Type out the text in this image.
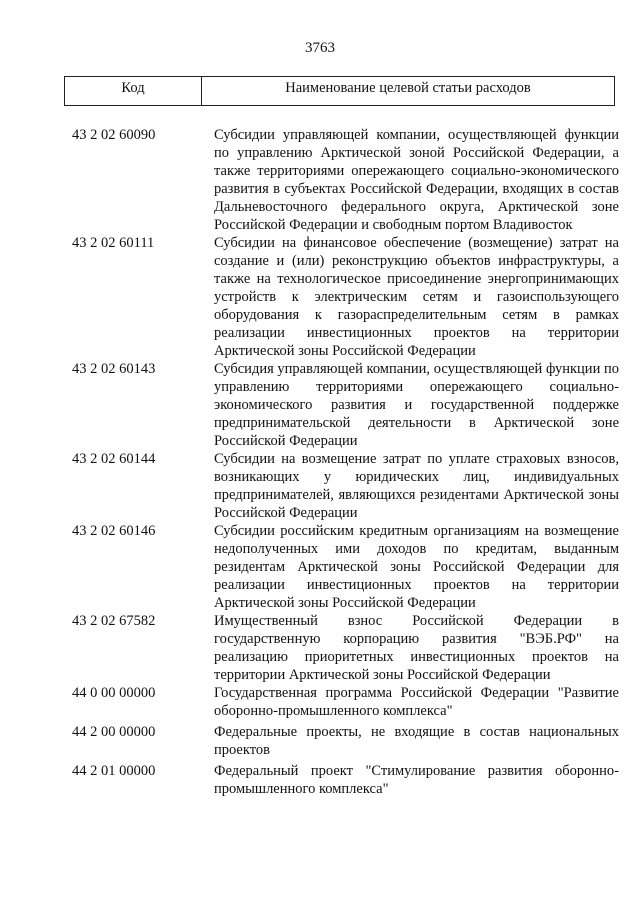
3763
Код	Наименование целевой статьи расходов
43 2 02 60090	Субсидии управляющей компании, осуществляющей функции по управлению Арктической зоной Российской Федерации, а также территориями опережающего социально-экономического развития в субъектах Российской Федерации, входящих в состав Дальневосточного федерального округа, Арктической зоне Российской Федерации и свободным портом Владивосток
43 2 02 60111	Субсидии на финансовое обеспечение (возмещение) затрат на создание и (или) реконструкцию объектов инфраструктуры, а также на технологическое присоединение энергопринимающих устройств к электрическим сетям и газоиспользующего оборудования к газораспределительным сетям в рамках реализации инвестиционных проектов на территории Арктической зоны Российской Федерации
43 2 02 60143	Субсидия управляющей компании, осуществляющей функции по управлению территориями опережающего социально-экономического развития и государственной поддержке предпринимательской деятельности в Арктической зоне Российской Федерации
43 2 02 60144	Субсидии на возмещение затрат по уплате страховых взносов, возникающих у юридических лиц, индивидуальных предпринимателей, являющихся резидентами Арктической зоны Российской Федерации
43 2 02 60146	Субсидии российским кредитным организациям на возмещение недополученных ими доходов по кредитам, выданным резидентам Арктической зоны Российской Федерации для реализации инвестиционных проектов на территории Арктической зоны Российской Федерации
43 2 02 67582	Имущественный взнос Российской Федерации в государственную корпорацию развития "ВЭБ.РФ" на реализацию приоритетных инвестиционных проектов на территории Арктической зоны Российской Федерации
44 0 00 00000	Государственная программа Российской Федерации "Развитие оборонно-промышленного комплекса"
44 2 00 00000	Федеральные проекты, не входящие в состав национальных проектов
44 2 01 00000	Федеральный проект "Стимулирование развития оборонно-промышленного комплекса"
